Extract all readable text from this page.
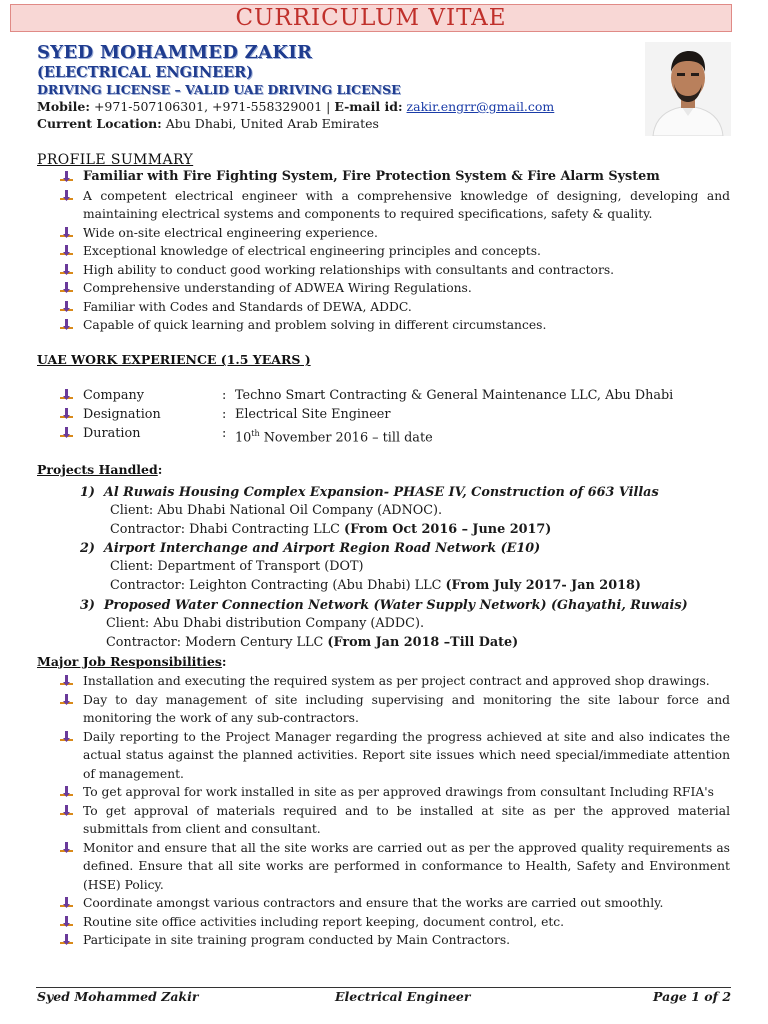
CURRICULUM VITAE
SYED MOHAMMED ZAKIR
(ELECTRICAL ENGINEER)
DRIVING LICENSE – VALID UAE DRIVING LICENSE
Mobile: +971-507106301, +971-558329001 | E-mail id: zakir.engrr@gmail.com
Current Location: Abu Dhabi, United Arab Emirates
PROFILE SUMMARY
Familiar with Fire Fighting System, Fire Protection System & Fire Alarm System
A competent electrical engineer with a comprehensive knowledge of designing, developing and maintaining electrical systems and components to required specifications, safety & quality.
Wide on-site electrical engineering experience.
Exceptional knowledge of electrical engineering principles and concepts.
High ability to conduct good working relationships with consultants and contractors.
Comprehensive understanding of ADWEA Wiring Regulations.
Familiar with Codes and Standards of DEWA, ADDC.
Capable of quick learning and problem solving in different circumstances.
UAE WORK EXPERIENCE (1.5 YEARS )
Company	: Techno Smart Contracting & General Maintenance LLC, Abu Dhabi
Designation	: Electrical Site Engineer
Duration	: 10th November 2016 – till date
Projects Handled:
1) Al Ruwais Housing Complex Expansion- PHASE IV, Construction of 663 Villas
Client: Abu Dhabi National Oil Company (ADNOC).
Contractor: Dhabi Contracting LLC (From Oct 2016 – June 2017)
2) Airport Interchange and Airport Region Road Network (E10)
Client: Department of Transport (DOT)
Contractor: Leighton Contracting (Abu Dhabi) LLC (From July 2017- Jan 2018)
3) Proposed Water Connection Network (Water Supply Network) (Ghayathi, Ruwais)
Client: Abu Dhabi distribution Company (ADDC).
Contractor: Modern Century LLC (From Jan 2018 –Till Date)
Major Job Responsibilities:
Installation and executing the required system as per project contract and approved shop drawings.
Day to day management of site including supervising and monitoring the site labour force and monitoring the work of any sub-contractors.
Daily reporting to the Project Manager regarding the progress achieved at site and also indicates the actual status against the planned activities. Report site issues which need special/immediate attention of management.
To get approval for work installed in site as per approved drawings from consultant Including RFIA's
To get approval of materials required and to be installed at site as per the approved material submittals from client and consultant.
Monitor and ensure that all the site works are carried out as per the approved quality requirements as defined. Ensure that all site works are performed in conformance to Health, Safety and Environment (HSE) Policy.
Coordinate amongst various contractors and ensure that the works are carried out smoothly.
Routine site office activities including report keeping, document control, etc.
Participate in site training program conducted by Main Contractors.
Syed Mohammed Zakir	Electrical Engineer	Page 1 of 2
